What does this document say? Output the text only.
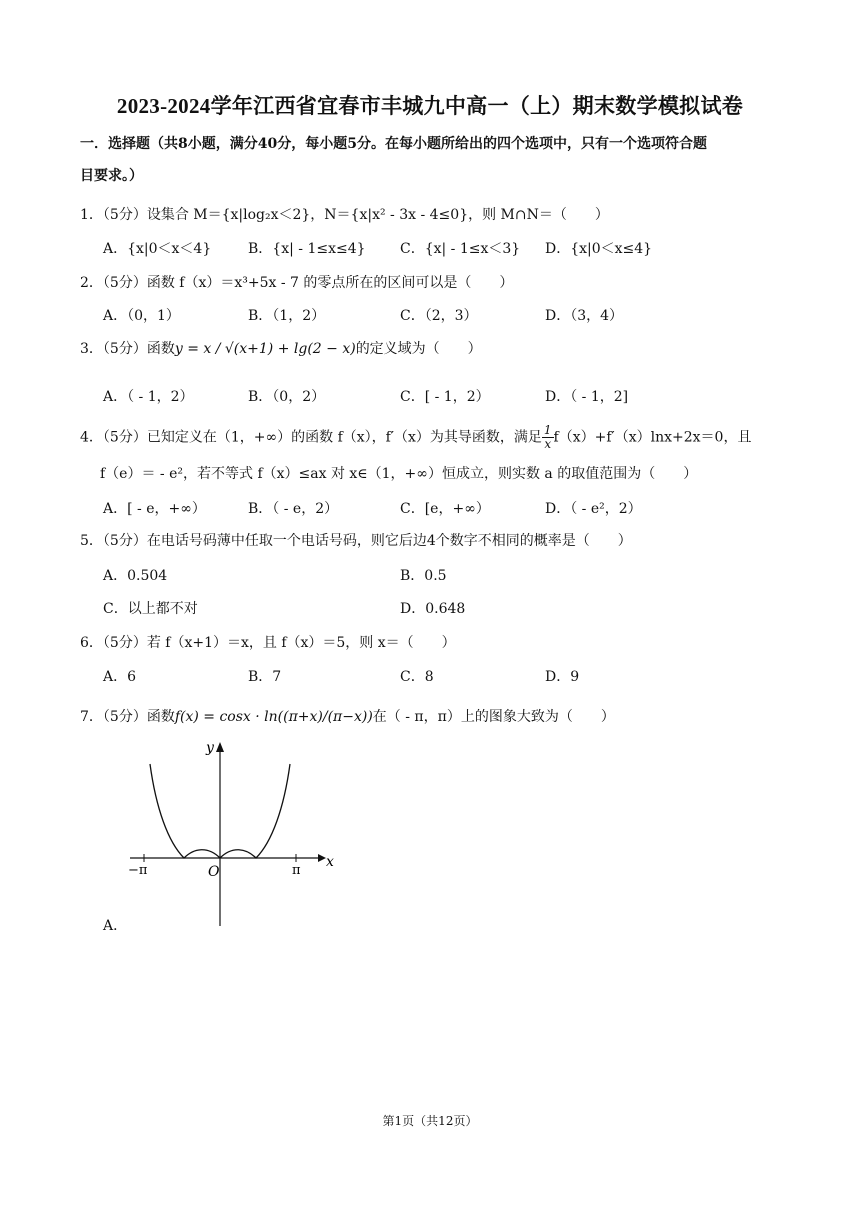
2023-2024学年江西省宜春市丰城九中高一（上）期末数学模拟试卷
一．选择题（共8小题，满分40分，每小题5分。在每小题所给出的四个选项中，只有一个选项符合题
目要求。）
1．（5分）设集合 M＝{x|log₂x＜2}，N＝{x|x² - 3x - 4≤0}，则 M∩N＝（　　）
A．{x|0＜x＜4}	B．{x| - 1≤x≤4} C．{x| - 1≤x＜3} D．{x|0＜x≤4}
2．（5分）函数 f（x）＝x³+5x - 7 的零点所在的区间可以是（　　）
A．（0，1）	B．（1，2）	C．（2，3）	D．（3，4）
3．（5分）函数y = x / √(x+1) + lg(2 − x)的定义域为（　　）
A．（ - 1，2）	B．（0，2）	C．[ - 1，2）	D．（ - 1，2]
4．（5分）已知定义在（1，+∞）的函数 f（x），f′（x）为其导函数，满足 $\frac{1}{x} f(x)+f'(x)\ln x+2x=0$，且
f（e）＝ - e²，若不等式 f（x）≤ax 对 x∈（1，+∞）恒成立，则实数 a 的取值范围为（　　）
A．[ - e，+∞）	B．（ - e，2）	C．[e，+∞）	D．（ - e²，2）
5．（5分）在电话号码薄中任取一个电话号码，则它后边4个数字不相同的概率是（　　）
A．0.504	B．0.5
C．以上都不对	D．0.648
6．（5分）若 f（x+1）＝x，且 f（x）＝5，则 x＝（　　）
A．6	B．7	C．8	D．9
7．（5分）函数f(x) = cosx · ln((π+x)/(π−x))在（ - π，π）上的图象大致为（　　）
y
x
O
−π	π
A．
第1页（共12页）
